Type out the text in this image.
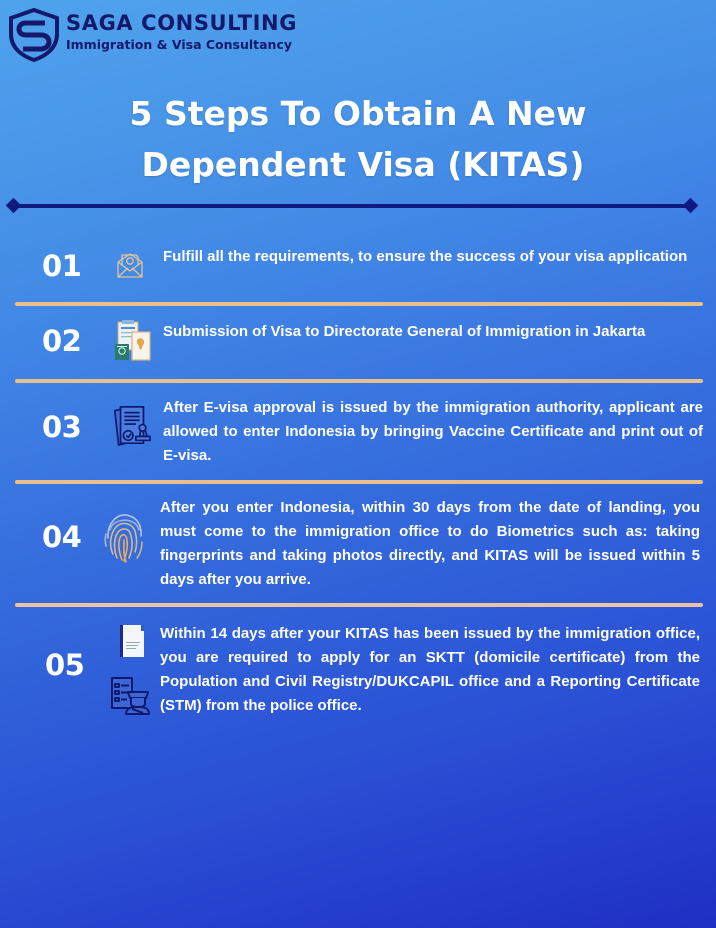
SAGA CONSULTING
Immigration & Visa Consultancy
5 Steps To Obtain A New
Dependent Visa (KITAS)
01	Fulfill all the requirements, to ensure the success of your visa application
02	Submission of Visa to Directorate General of Immigration in Jakarta
03
After E-visa approval is issued by the immigration authority, applicant are allowed to enter Indonesia by bringing Vaccine Certificate and print out of E-visa.
04
After you enter Indonesia, within 30 days from the date of landing, you must come to the immigration office to do Biometrics such as: taking fingerprints and taking photos directly, and KITAS will be issued within 5 days after you arrive.
05
Within 14 days after your KITAS has been issued by the immigration office, you are required to apply for an SKTT (domicile certificate) from the Population and Civil Registry/DUKCAPIL office and a Reporting Certificate (STM) from the police office.
